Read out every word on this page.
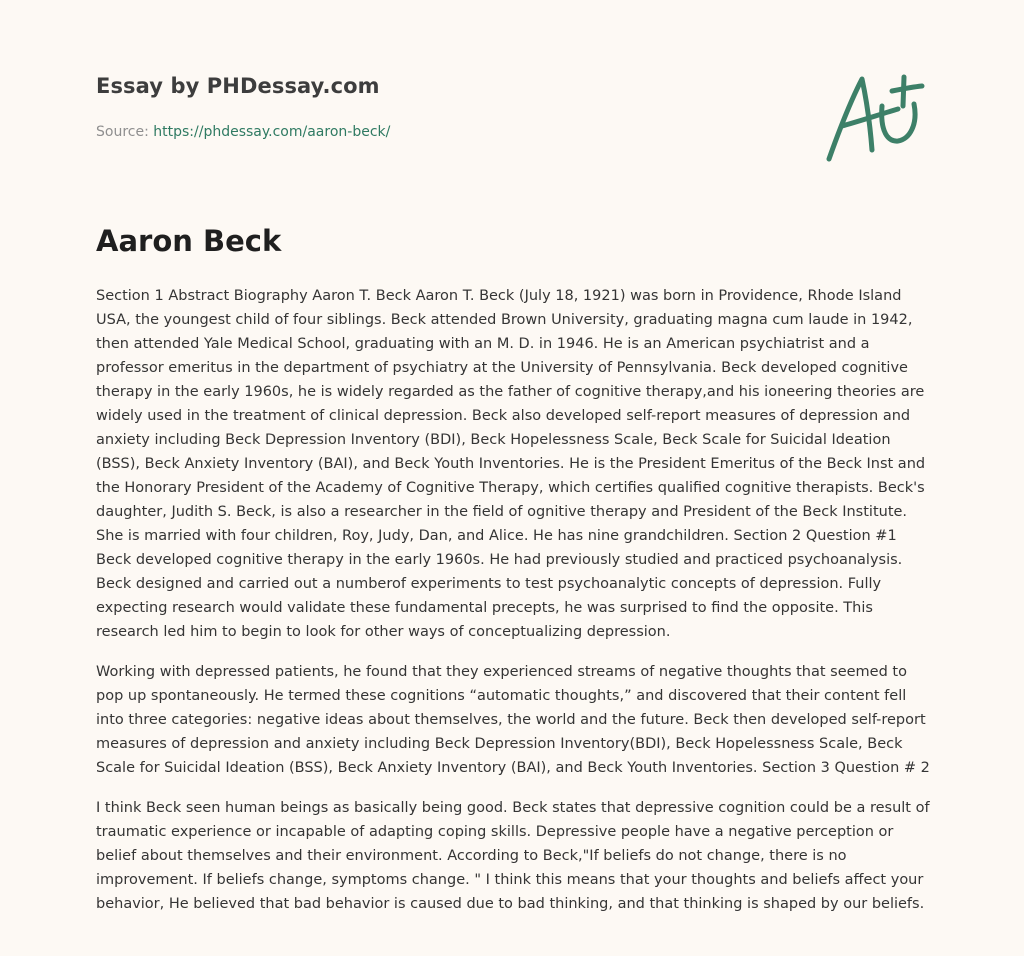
Essay by PHDessay.com
Source: https://phdessay.com/aaron-beck/
Aaron Beck

Section 1 Abstract Biography Aaron T. Beck Aaron T. Beck (July 18, 1921) was born in Providence, Rhode Island USA, the youngest child of four siblings. Beck attended Brown University, graduating magna cum laude in 1942, then attended Yale Medical School, graduating with an M. D. in 1946. He is an American psychiatrist and a professor emeritus in the department of psychiatry at the University of Pennsylvania. Beck developed cognitive therapy in the early 1960s, he is widely regarded as the father of cognitive therapy,and his ioneering theories are widely used in the treatment of clinical depression. Beck also developed self-report measures of depression and anxiety including Beck Depression Inventory (BDI), Beck Hopelessness Scale, Beck Scale for Suicidal Ideation (BSS), Beck Anxiety Inventory (BAI), and Beck Youth Inventories. He is the President Emeritus of the Beck Inst and the Honorary President of the Academy of Cognitive Therapy, which certifies qualified cognitive therapists. Beck's daughter, Judith S. Beck, is also a researcher in the field of ognitive therapy and President of the Beck Institute. She is married with four children, Roy, Judy, Dan, and Alice. He has nine grandchildren. Section 2 Question #1 Beck developed cognitive therapy in the early 1960s. He had previously studied and practiced psychoanalysis. Beck designed and carried out a numberof experiments to test psychoanalytic concepts of depression. Fully expecting research would validate these fundamental precepts, he was surprised to find the opposite. This research led him to begin to look for other ways of conceptualizing depression.

Working with depressed patients, he found that they experienced streams of negative thoughts that seemed to pop up spontaneously. He termed these cognitions “automatic thoughts,” and discovered that their content fell into three categories: negative ideas about themselves, the world and the future. Beck then developed self-report measures of depression and anxiety including Beck Depression Inventory(BDI), Beck Hopelessness Scale, Beck Scale for Suicidal Ideation (BSS), Beck Anxiety Inventory (BAI), and Beck Youth Inventories. Section 3 Question # 2

I think Beck seen human beings as basically being good. Beck states that depressive cognition could be a result of traumatic experience or incapable of adapting coping skills. Depressive people have a negative perception or belief about themselves and their environment. According to Beck,"If beliefs do not change, there is no improvement. If beliefs change, symptoms change. " I think this means that your thoughts and beliefs affect your behavior, He believed that bad behavior is caused due to bad thinking, and that thinking is shaped by our beliefs.
